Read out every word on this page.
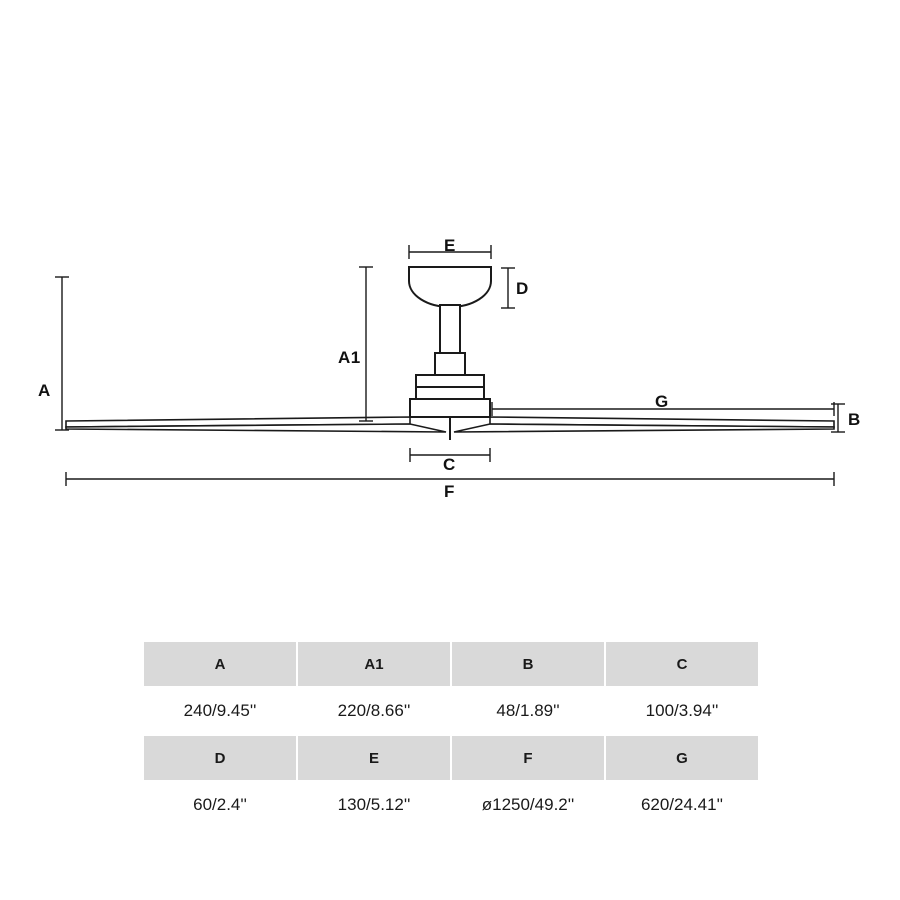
A
A1
B
C
D
E
F
G
A	A1	B	C
240/9.45''	220/8.66''	48/1.89''	100/3.94''
D	E	F	G
60/2.4''	130/5.12''	ø1250/49.2''	620/24.41''
